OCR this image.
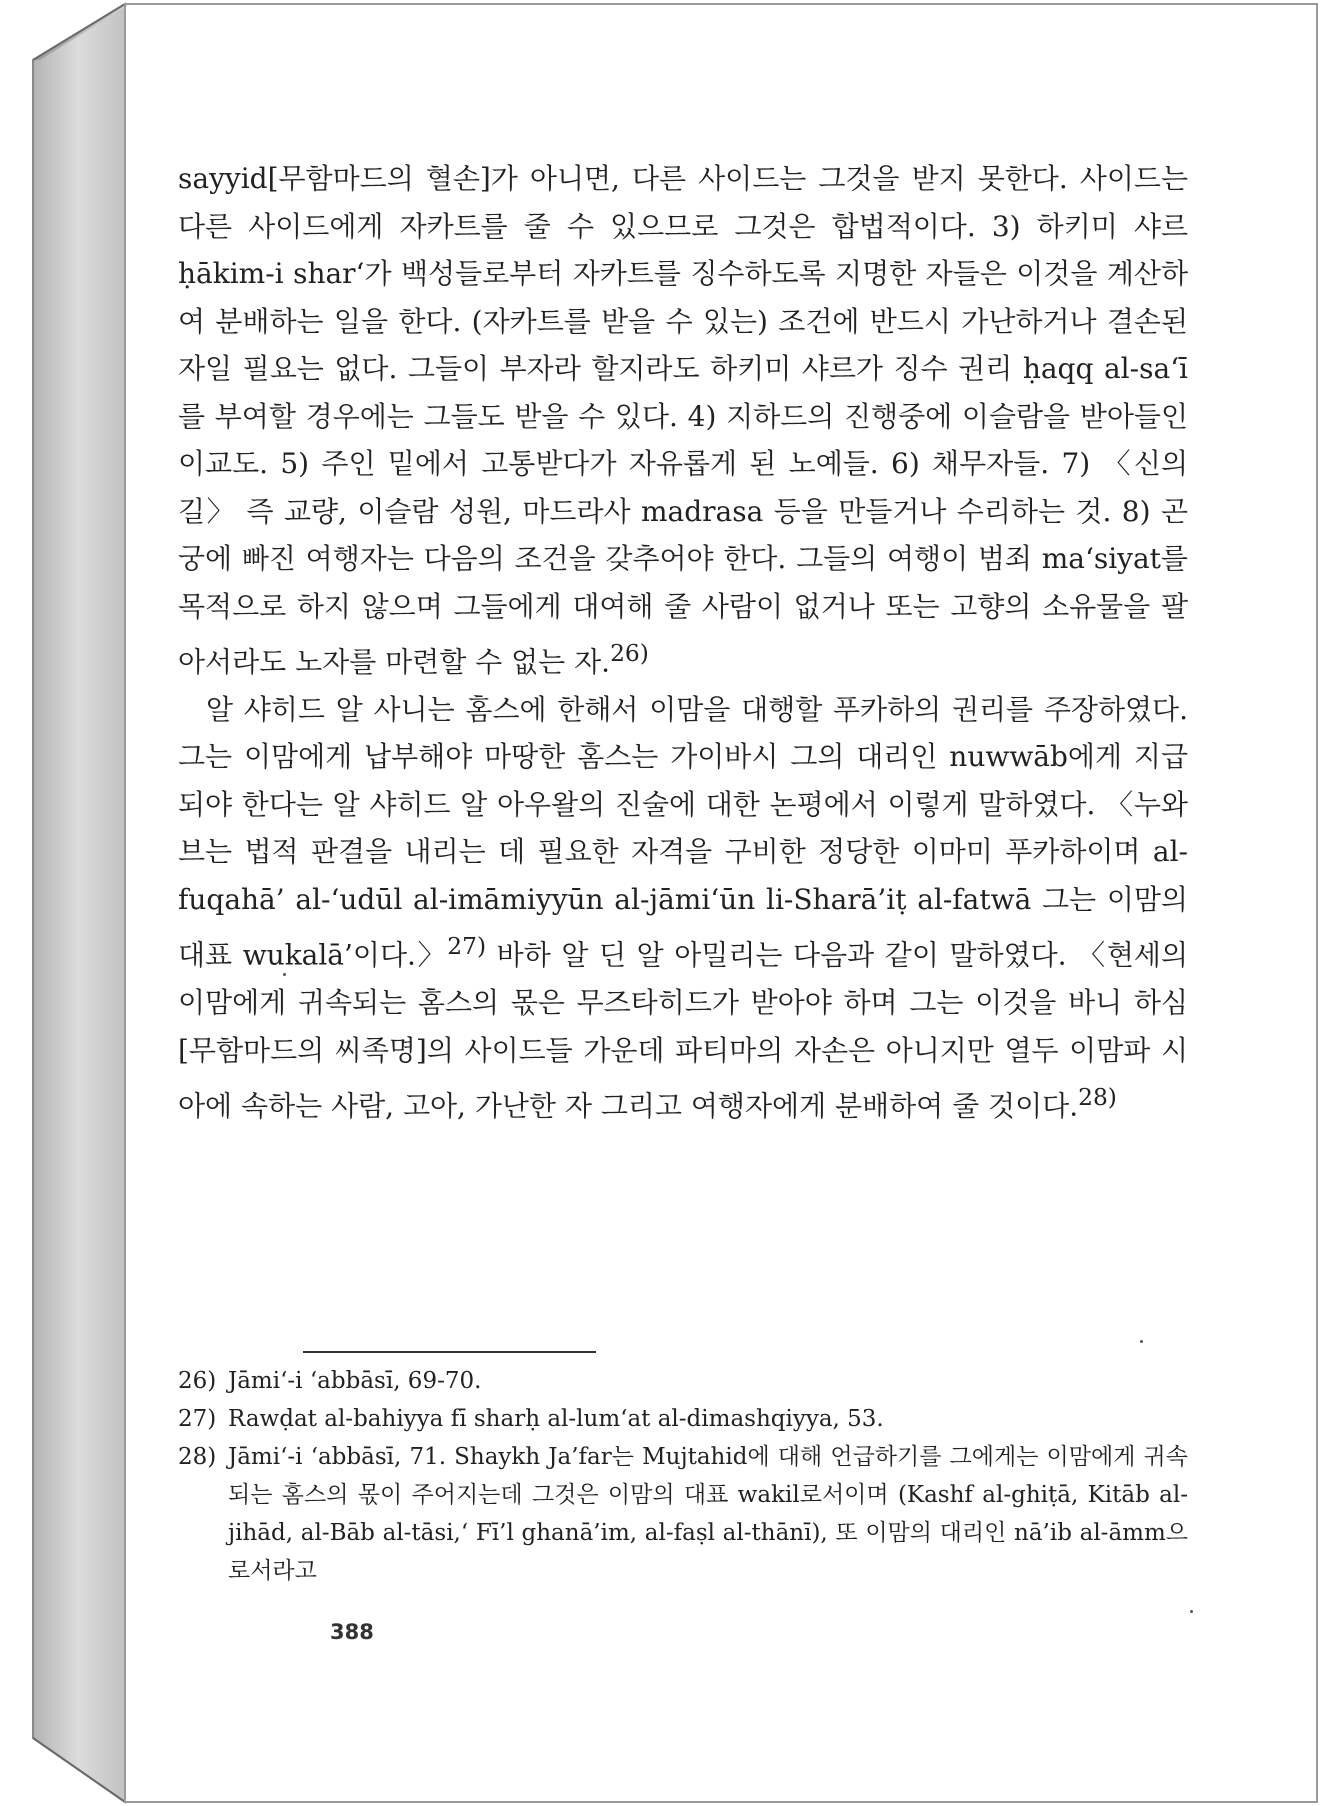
sayyid[무함마드의 혈손]가 아니면, 다른 사이드는 그것을 받지 못한다. 사이드는 다른 사이드에게 자카트를 줄 수 있으므로 그것은 합법적이다. 3) 하키미 샤르 ḥākim-i shar‘가 백성들로부터 자카트를 징수하도록 지명한 자들은 이것을 계산하여 분배하는 일을 한다. (자카트를 받을 수 있는) 조건에 반드시 가난하거나 결손된 자일 필요는 없다. 그들이 부자라 할지라도 하키미 샤르가 징수 권리 ḥaqq al-sa‘ī를 부여할 경우에는 그들도 받을 수 있다. 4) 지하드의 진행중에 이슬람을 받아들인 이교도. 5) 주인 밑에서 고통받다가 자유롭게 된 노예들. 6) 채무자들. 7) 〈신의 길〉 즉 교량, 이슬람 성원, 마드라사 madrasa 등을 만들거나 수리하는 것. 8) 곤궁에 빠진 여행자는 다음의 조건을 갖추어야 한다. 그들의 여행이 범죄 ma‘siyat를 목적으로 하지 않으며 그들에게 대여해 줄 사람이 없거나 또는 고향의 소유물을 팔아서라도 노자를 마련할 수 없는 자.$^{26)}$

알 샤히드 알 사니는 홈스에 한해서 이맘을 대행할 푸카하의 권리를 주장하였다. 그는 이맘에게 납부해야 마땅한 홈스는 가이바시 그의 대리인 nuwwāb에게 지급되야 한다는 알 샤히드 알 아우왈의 진술에 대한 논평에서 이렇게 말하였다. 〈누와브는 법적 판결을 내리는 데 필요한 자격을 구비한 정당한 이마미 푸카하이며 al-fuqahā’ al-‘udūl al-imāmiyyūn al-jāmi‘ūn li-Sharā’iṭ al-fatwā 그는 이맘의 대표 wukalā’이다.〉$^{27)}$ 바하 알 딘 알 아밀리는 다음과 같이 말하였다. 〈현세의 이맘에게 귀속되는 홈스의 몫은 무즈타히드가 받아야 하며 그는 이것을 바니 하심[무함마드의 씨족명]의 사이드들 가운데 파티마의 자손은 아니지만 열두 이맘파 시아에 속하는 사람, 고아, 가난한 자 그리고 여행자에게 분배하여 줄 것이다.$^{28)}$

26) Jāmi‘-i ‘abbāsī, 69-70.
27) Rawḍat al-bahiyya fī sharḥ al-lum‘at al-dimashqiyya, 53.
28) Jāmi‘-i ‘abbāsī, 71. Shaykh Ja’far는 Mujtahid에 대해 언급하기를 그에게는 이맘에게 귀속되는 홈스의 몫이 주어지는데 그것은 이맘의 대표 wakil로서이며 (Kashf al-ghiṭā, Kitāb al-jihād, al-Bāb al-tāsi,‘ Fī’l ghanā’im, al-faṣl al-thānī), 또 이맘의 대리인 nā’ib al-āmm으로서라고
388
